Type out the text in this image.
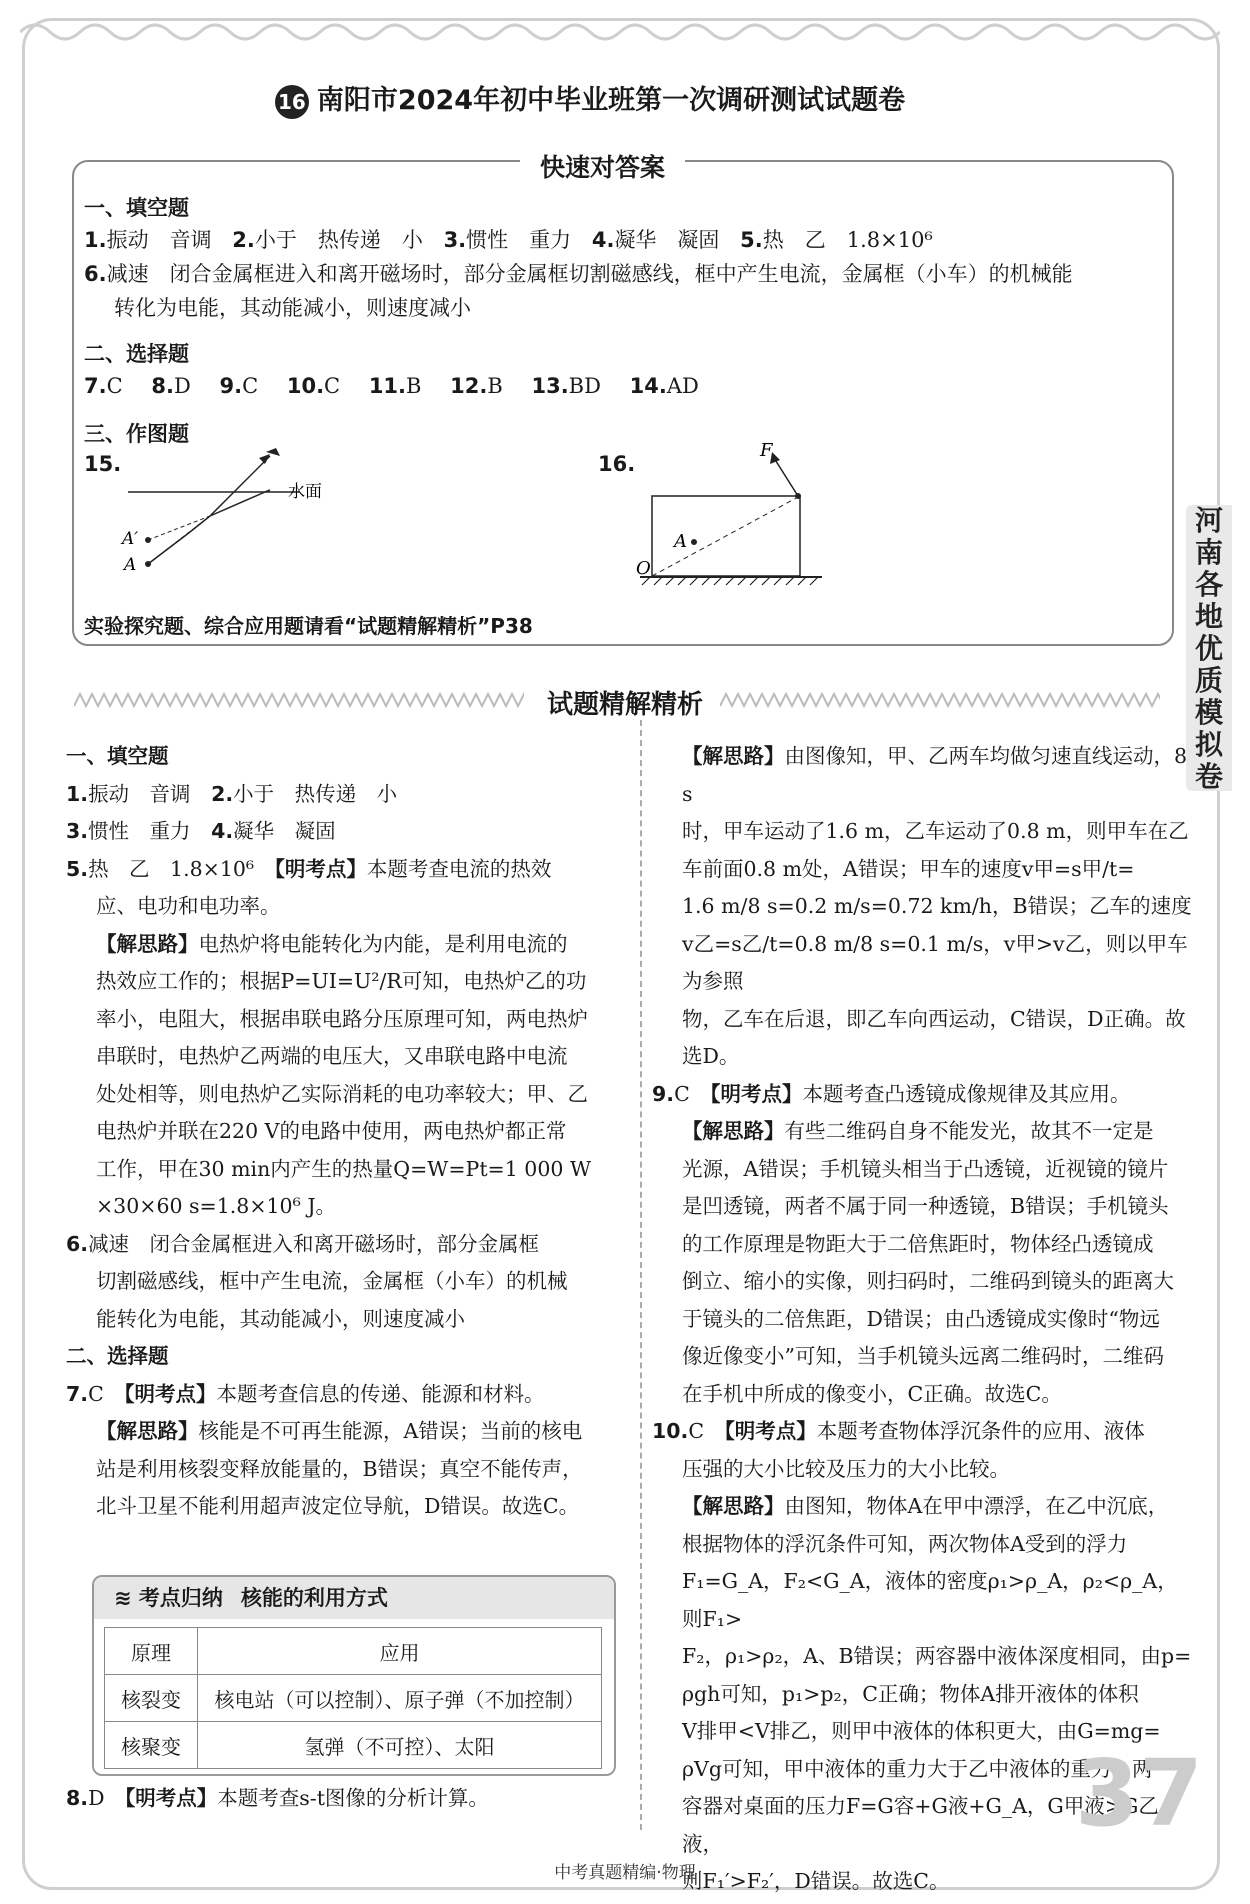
16 南阳市2024年初中毕业班第一次调研测试试题卷
快速对答案
一、填空题
1.振动　音调 2.小于　热传递　小 3.惯性　重力 4.凝华　凝固 5.热　乙　1.8×10⁶
6.减速　闭合金属框进入和离开磁场时，部分金属框切割磁感线，框中产生电流，金属框（小车）的机械能
转化为电能，其动能减小，则速度减小
二、选择题
7.C 8.D 9.C 10.C 11.B 12.B 13.BD 14.AD
三、作图题
15.	16.
水面
A′
A
F
A
O
实验探究题、综合应用题请看“试题精解精析”P38
河
南
各
地
优
质
模
拟
卷
试题精解精析

一、填空题

1.振动　音调　2.小于　热传递　小

3.惯性　重力　4.凝华　凝固

5.热　乙　1.8×10⁶　【明考点】本题考查电流的热效

应、电功和电功率。

【解思路】电热炉将电能转化为内能，是利用电流的

热效应工作的；根据P=UI=U²/R可知，电热炉乙的功

率小，电阻大，根据串联电路分压原理可知，两电热炉

串联时，电热炉乙两端的电压大，又串联电路中电流

处处相等，则电热炉乙实际消耗的电功率较大；甲、乙

电热炉并联在220 V的电路中使用，两电热炉都正常

工作，甲在30 min内产生的热量Q=W=Pt=1 000 W

×30×60 s=1.8×10⁶ J。

6.减速　闭合金属框进入和离开磁场时，部分金属框

切割磁感线，框中产生电流，金属框（小车）的机械

能转化为电能，其动能减小，则速度减小

二、选择题

7.C　【明考点】本题考查信息的传递、能源和材料。

【解思路】核能是不可再生能源，A错误；当前的核电

站是利用核裂变释放能量的，B错误；真空不能传声，

北斗卫星不能利用超声波定位导航，D错误。故选C。

≋ 考点归纳 核能的利用方式
原理	应用
核裂变	核电站（可以控制）、原子弹（不加控制）
核聚变	氢弹（不可控）、太阳

8.D　【明考点】本题考查s-t图像的分析计算。

【解思路】由图像知，甲、乙两车均做匀速直线运动，8 s

时，甲车运动了1.6 m，乙车运动了0.8 m，则甲车在乙

车前面0.8 m处，A错误；甲车的速度v甲=s甲/t=

1.6 m/8 s=0.2 m/s=0.72 km/h，B错误；乙车的速度

v乙=s乙/t=0.8 m/8 s=0.1 m/s，v甲>v乙，则以甲车为参照

物，乙车在后退，即乙车向西运动，C错误，D正确。故

选D。

9.C　【明考点】本题考查凸透镜成像规律及其应用。

【解思路】有些二维码自身不能发光，故其不一定是

光源，A错误；手机镜头相当于凸透镜，近视镜的镜片

是凹透镜，两者不属于同一种透镜，B错误；手机镜头

的工作原理是物距大于二倍焦距时，物体经凸透镜成

倒立、缩小的实像，则扫码时，二维码到镜头的距离大

于镜头的二倍焦距，D错误；由凸透镜成实像时“物远

像近像变小”可知，当手机镜头远离二维码时，二维码

在手机中所成的像变小，C正确。故选C。

10.C　【明考点】本题考查物体浮沉条件的应用、液体

压强的大小比较及压力的大小比较。

【解思路】由图知，物体A在甲中漂浮，在乙中沉底，

根据物体的浮沉条件可知，两次物体A受到的浮力

F₁=G_A，F₂<G_A，液体的密度ρ₁>ρ_A，ρ₂<ρ_A，则F₁>

F₂，ρ₁>ρ₂，A、B错误；两容器中液体深度相同，由p=

ρgh可知，p₁>p₂，C正确；物体A排开液体的体积

V排甲<V排乙，则甲中液体的体积更大，由G=mg=

ρVg可知，甲中液体的重力大于乙中液体的重力，两

容器对桌面的压力F=G容+G液+G_A，G甲液>G乙液，

则F₁′>F₂′，D错误。故选C。

37
中考真题精编·物理
